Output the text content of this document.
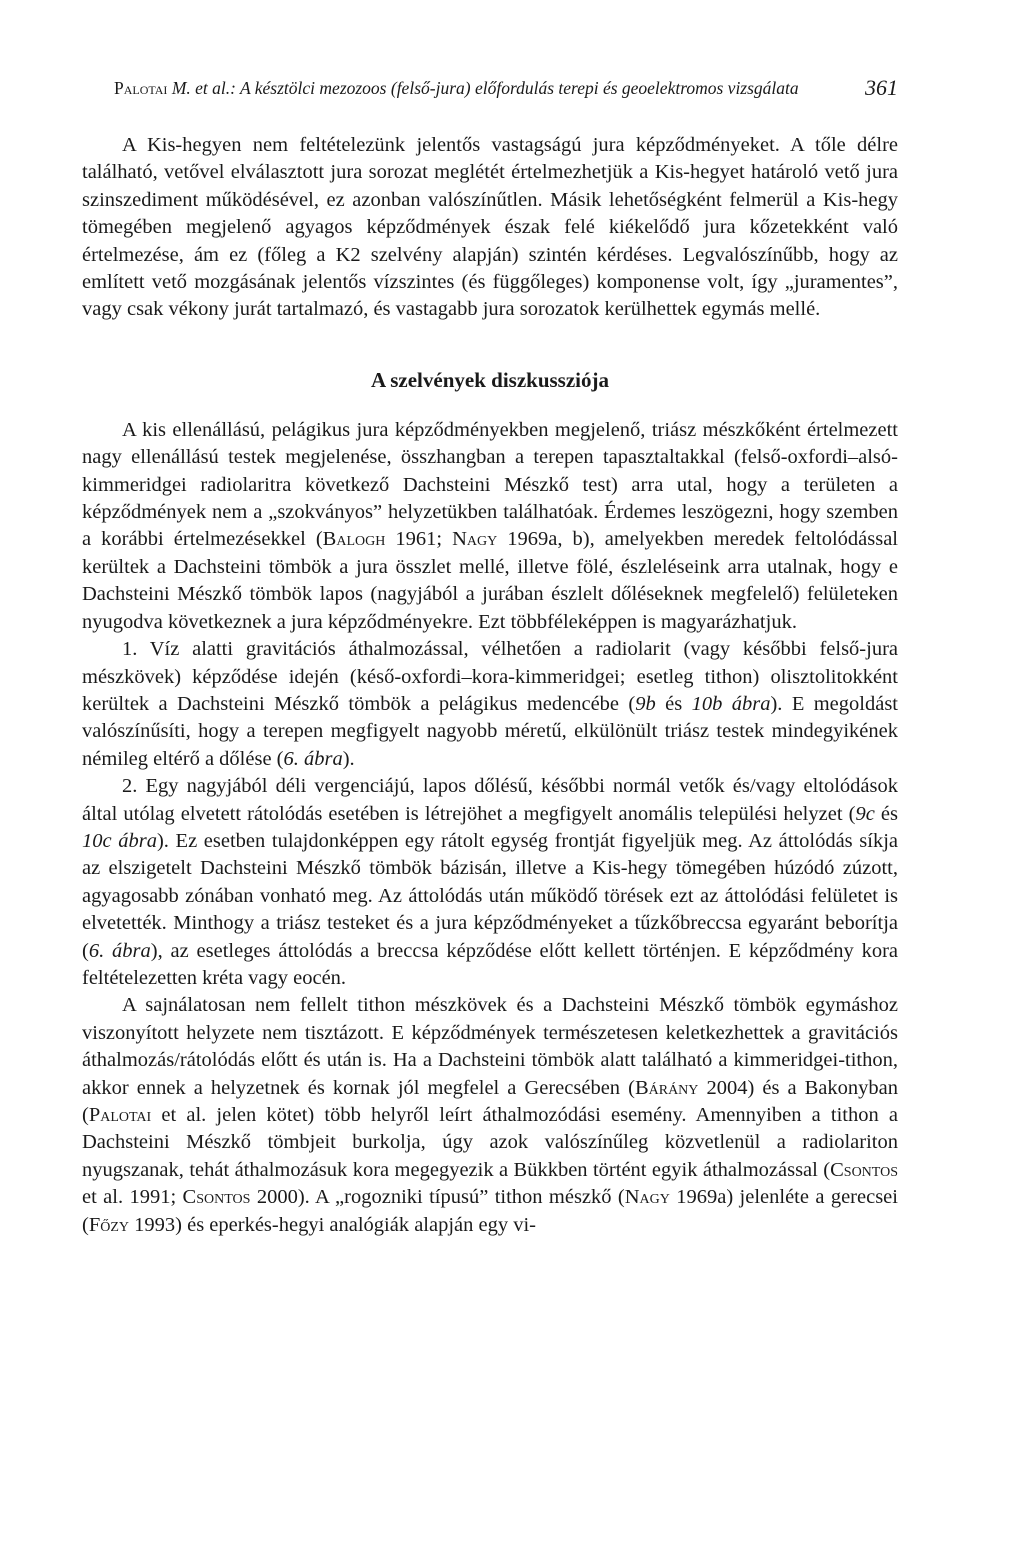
Palotai M. et al.: A késztölci mezozoos (felső-jura) előfordulás terepi és geoelektromos vizsgálata	361

A Kis-hegyen nem feltételezünk jelentős vastagságú jura képződményeket. A tőle délre található, vetővel elválasztott jura sorozat meglétét értelmezhetjük a Kis-hegyet határoló vető jura szinszediment működésével, ez azonban valószínűtlen. Másik lehetőségként felmerül a Kis-hegy tömegében megjelenő agyagos képződmények észak felé kiékelődő jura kőzetekként való értelmezése, ám ez (főleg a K2 szelvény alapján) szintén kérdéses. Legvalószínűbb, hogy az említett vető mozgásának jelentős vízszintes (és függőleges) komponense volt, így „juramentes”, vagy csak vékony jurát tartalmazó, és vastagabb jura sorozatok kerülhettek egymás mellé.

A szelvények diszkussziója

A kis ellenállású, pelágikus jura képződményekben megjelenő, triász mészkőként értelmezett nagy ellenállású testek megjelenése, összhangban a terepen tapasztaltakkal (felső-oxfordi–alsó-kimmeridgei radiolaritra következő Dachsteini Mészkő test) arra utal, hogy a területen a képződmények nem a „szokványos” helyzetükben találhatóak. Érdemes leszögezni, hogy szemben a korábbi értelmezésekkel (Balogh 1961; Nagy 1969a, b), amelyekben meredek feltolódással kerültek a Dachsteini tömbök a jura összlet mellé, illetve fölé, észleléseink arra utalnak, hogy e Dachsteini Mészkő tömbök lapos (nagyjából a jurában észlelt dőléseknek megfelelő) felületeken nyugodva következnek a jura képződményekre. Ezt többféleképpen is magyarázhatjuk.

1. Víz alatti gravitációs áthalmozással, vélhetően a radiolarit (vagy későbbi felső-jura mészkövek) képződése idején (késő-oxfordi–kora-kimmeridgei; esetleg tithon) olisztolitokként kerültek a Dachsteini Mészkő tömbök a pelágikus medencébe (9b és 10b ábra). E megoldást valószínűsíti, hogy a terepen megfigyelt nagyobb méretű, elkülönült triász testek mindegyikének némileg eltérő a dőlése (6. ábra).

2. Egy nagyjából déli vergenciájú, lapos dőlésű, későbbi normál vetők és/vagy eltolódások által utólag elvetett rátolódás esetében is létrejöhet a megfigyelt anomális települési helyzet (9c és 10c ábra). Ez esetben tulajdonképpen egy rátolt egység frontját figyeljük meg. Az áttolódás síkja az elszigetelt Dachsteini Mészkő tömbök bázisán, illetve a Kis-hegy tömegében húzódó zúzott, agyagosabb zónában vonható meg. Az áttolódás után működő törések ezt az áttolódási felületet is elvetették. Minthogy a triász testeket és a jura képződményeket a tűzkőbreccsa egyaránt beborítja (6. ábra), az esetleges áttolódás a breccsa képződése előtt kellett történjen. E képződmény kora feltételezetten kréta vagy eocén.

A sajnálatosan nem fellelt tithon mészkövek és a Dachsteini Mészkő tömbök egymáshoz viszonyított helyzete nem tisztázott. E képződmények természetesen keletkezhettek a gravitációs áthalmozás/rátolódás előtt és után is. Ha a Dachsteini tömbök alatt található a kimmeridgei-tithon, akkor ennek a helyzetnek és kornak jól megfelel a Gerecsében (Bárány 2004) és a Bakonyban (Palotai et al. jelen kötet) több helyről leírt áthalmozódási esemény. Amennyiben a tithon a Dachsteini Mészkő tömbjeit burkolja, úgy azok valószínűleg közvetlenül a radiolariton nyugszanak, tehát áthalmozásuk kora megegyezik a Bükkben történt egyik áthalmozással (Csontos et al. 1991; Csontos 2000). A „rogozniki típusú” tithon mészkő (Nagy 1969a) jelenléte a gerecsei (Főzy 1993) és eperkés-hegyi analógiák alapján egy vi-
